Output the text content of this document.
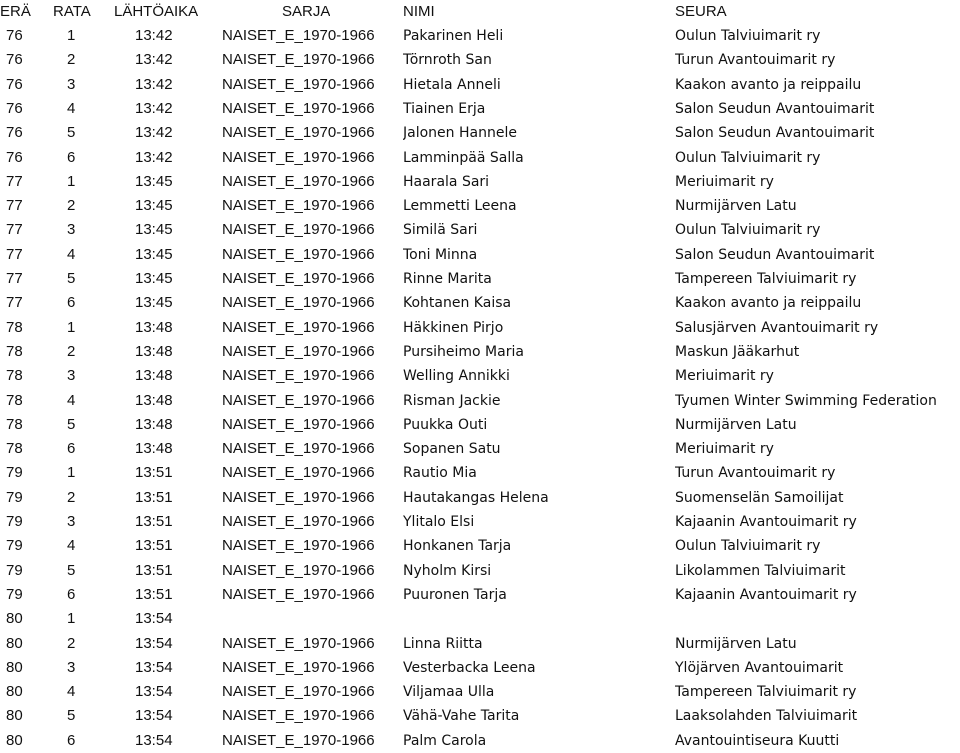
ERÄ RATA LÄHTÖAIKA	SARJA	NIMI	SEURA
76	1	13:42	NAISET_E_1970-1966	Pakarinen Heli	Oulun Talviuimarit ry
76	2	13:42	NAISET_E_1970-1966	Törnroth San	Turun Avantouimarit ry
76	3	13:42	NAISET_E_1970-1966	Hietala Anneli	Kaakon avanto ja reippailu
76	4	13:42	NAISET_E_1970-1966	Tiainen Erja	Salon Seudun Avantouimarit
76	5	13:42	NAISET_E_1970-1966	Jalonen Hannele	Salon Seudun Avantouimarit
76	6	13:42	NAISET_E_1970-1966	Lamminpää Salla	Oulun Talviuimarit ry
77	1	13:45	NAISET_E_1970-1966	Haarala Sari	Meriuimarit ry
77	2	13:45	NAISET_E_1970-1966	Lemmetti Leena	Nurmijärven Latu
77	3	13:45	NAISET_E_1970-1966	Similä Sari	Oulun Talviuimarit ry
77	4	13:45	NAISET_E_1970-1966	Toni Minna	Salon Seudun Avantouimarit
77	5	13:45	NAISET_E_1970-1966	Rinne Marita	Tampereen Talviuimarit ry
77	6	13:45	NAISET_E_1970-1966	Kohtanen Kaisa	Kaakon avanto ja reippailu
78	1	13:48	NAISET_E_1970-1966	Häkkinen Pirjo	Salusjärven Avantouimarit ry
78	2	13:48	NAISET_E_1970-1966	Pursiheimo Maria	Maskun Jääkarhut
78	3	13:48	NAISET_E_1970-1966	Welling Annikki	Meriuimarit ry
78	4	13:48	NAISET_E_1970-1966	Risman Jackie	Tyumen Winter Swimming Federation
78	5	13:48	NAISET_E_1970-1966	Puukka Outi	Nurmijärven Latu
78	6	13:48	NAISET_E_1970-1966	Sopanen Satu	Meriuimarit ry
79	1	13:51	NAISET_E_1970-1966	Rautio Mia	Turun Avantouimarit ry
79	2	13:51	NAISET_E_1970-1966	Hautakangas Helena	Suomenselän Samoilijat
79	3	13:51	NAISET_E_1970-1966	Ylitalo Elsi	Kajaanin Avantouimarit ry
79	4	13:51	NAISET_E_1970-1966	Honkanen Tarja	Oulun Talviuimarit ry
79	5	13:51	NAISET_E_1970-1966	Nyholm Kirsi	Likolammen Talviuimarit
79	6	13:51	NAISET_E_1970-1966	Puuronen Tarja	Kajaanin Avantouimarit ry
80	1	13:54
80	2	13:54	NAISET_E_1970-1966	Linna Riitta	Nurmijärven Latu
80	3	13:54	NAISET_E_1970-1966	Vesterbacka Leena	Ylöjärven Avantouimarit
80	4	13:54	NAISET_E_1970-1966	Viljamaa Ulla	Tampereen Talviuimarit ry
80	5	13:54	NAISET_E_1970-1966	Vähä-Vahe Tarita	Laaksolahden Talviuimarit
80	6	13:54	NAISET_E_1970-1966	Palm Carola	Avantouintiseura Kuutti
